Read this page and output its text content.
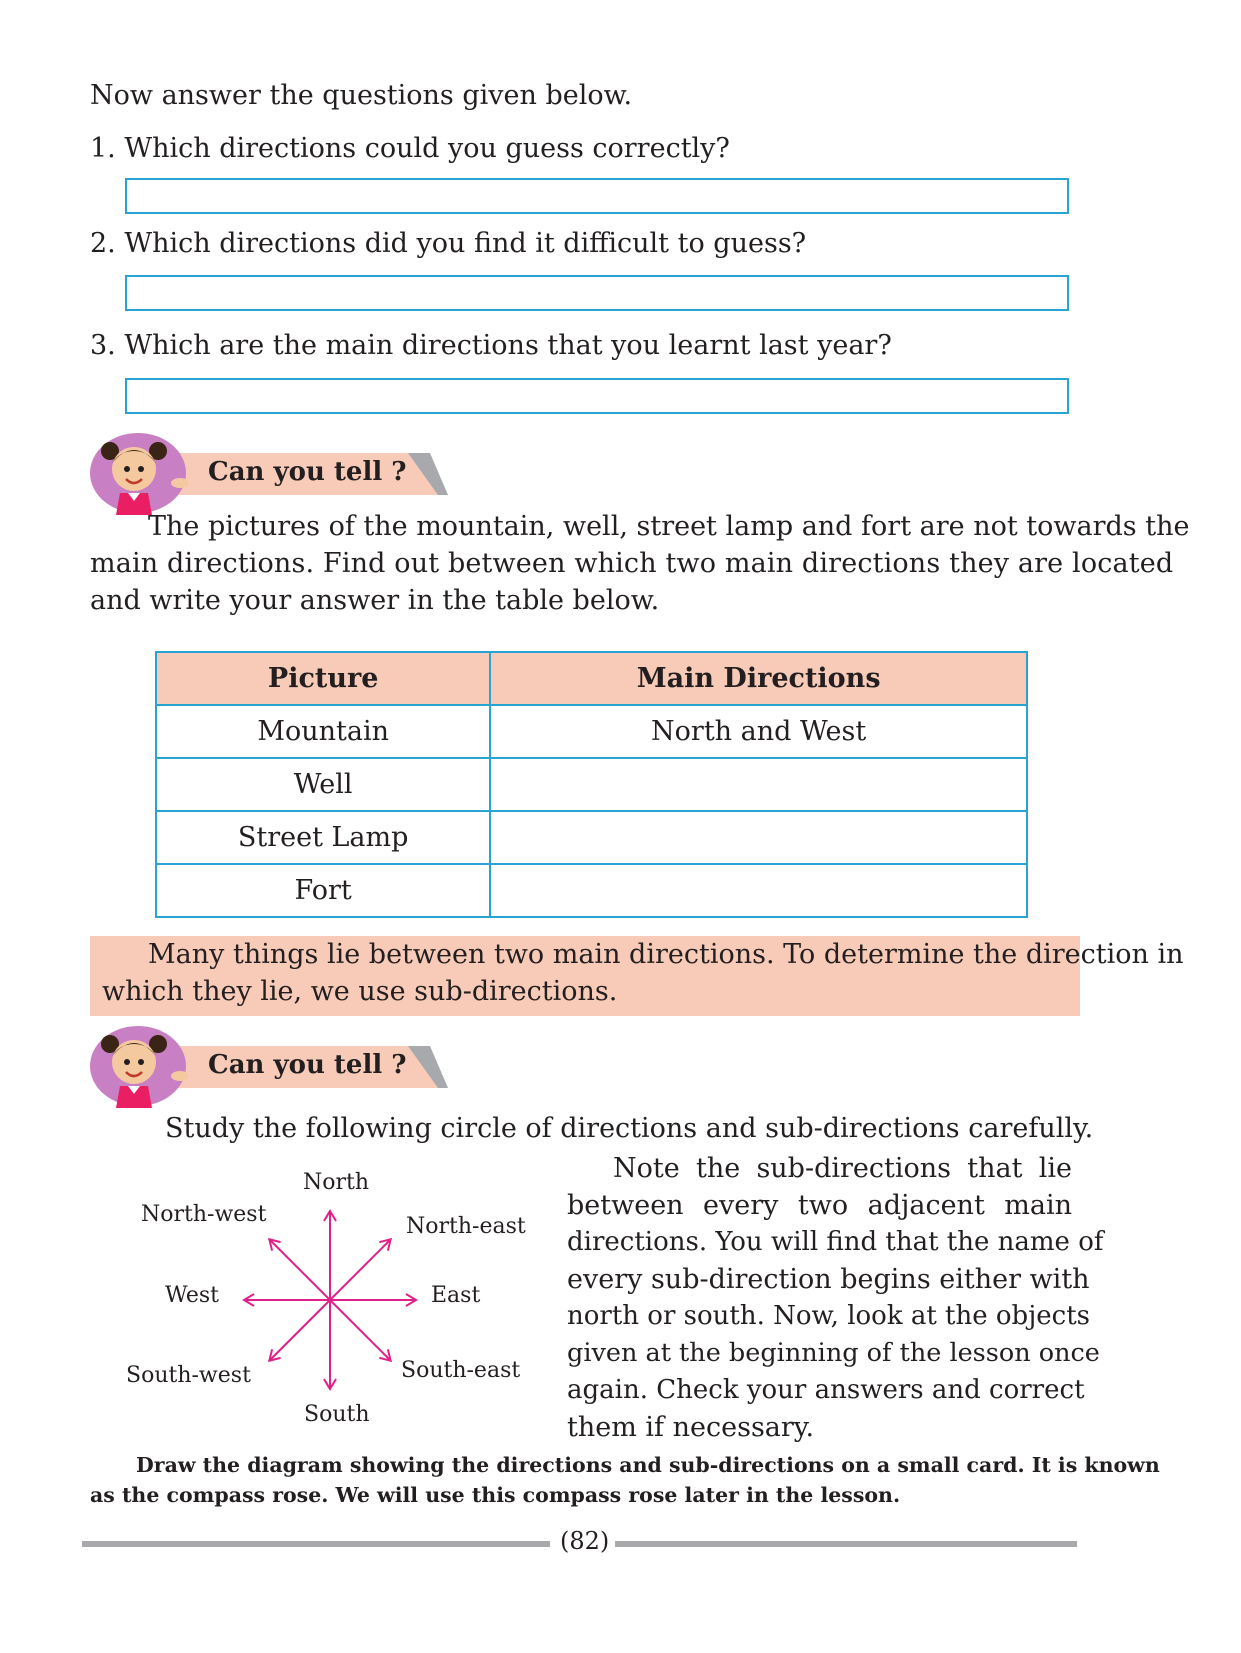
Now answer the questions given below.
1. Which directions could you guess correctly?
2. Which directions did you find it difficult to guess?
3. Which are the main directions that you learnt last year?
Can you tell ?
The pictures of the mountain, well, street lamp and fort are not towards the
main directions. Find out between which two main directions they are located
and write your answer in the table below.
Picture	Main Directions
Mountain	North and West
Well	
Street Lamp	
Fort	
Many things lie between two main directions. To determine the direction in
which they lie, we use sub-directions.
Can you tell ?
Study the following circle of directions and sub-directions carefully.
North
North-west	North-east
West	East
South-west	South-east
South
Note the sub-directions that lie
between every two adjacent main
directions. You will find that the name of
every sub-direction begins either with
north or south. Now, look at the objects
given at the beginning of the lesson once
again. Check your answers and correct
them if necessary.
Draw the diagram showing the directions and sub-directions on a small card. It is known
as the compass rose. We will use this compass rose later in the lesson.
(82)
